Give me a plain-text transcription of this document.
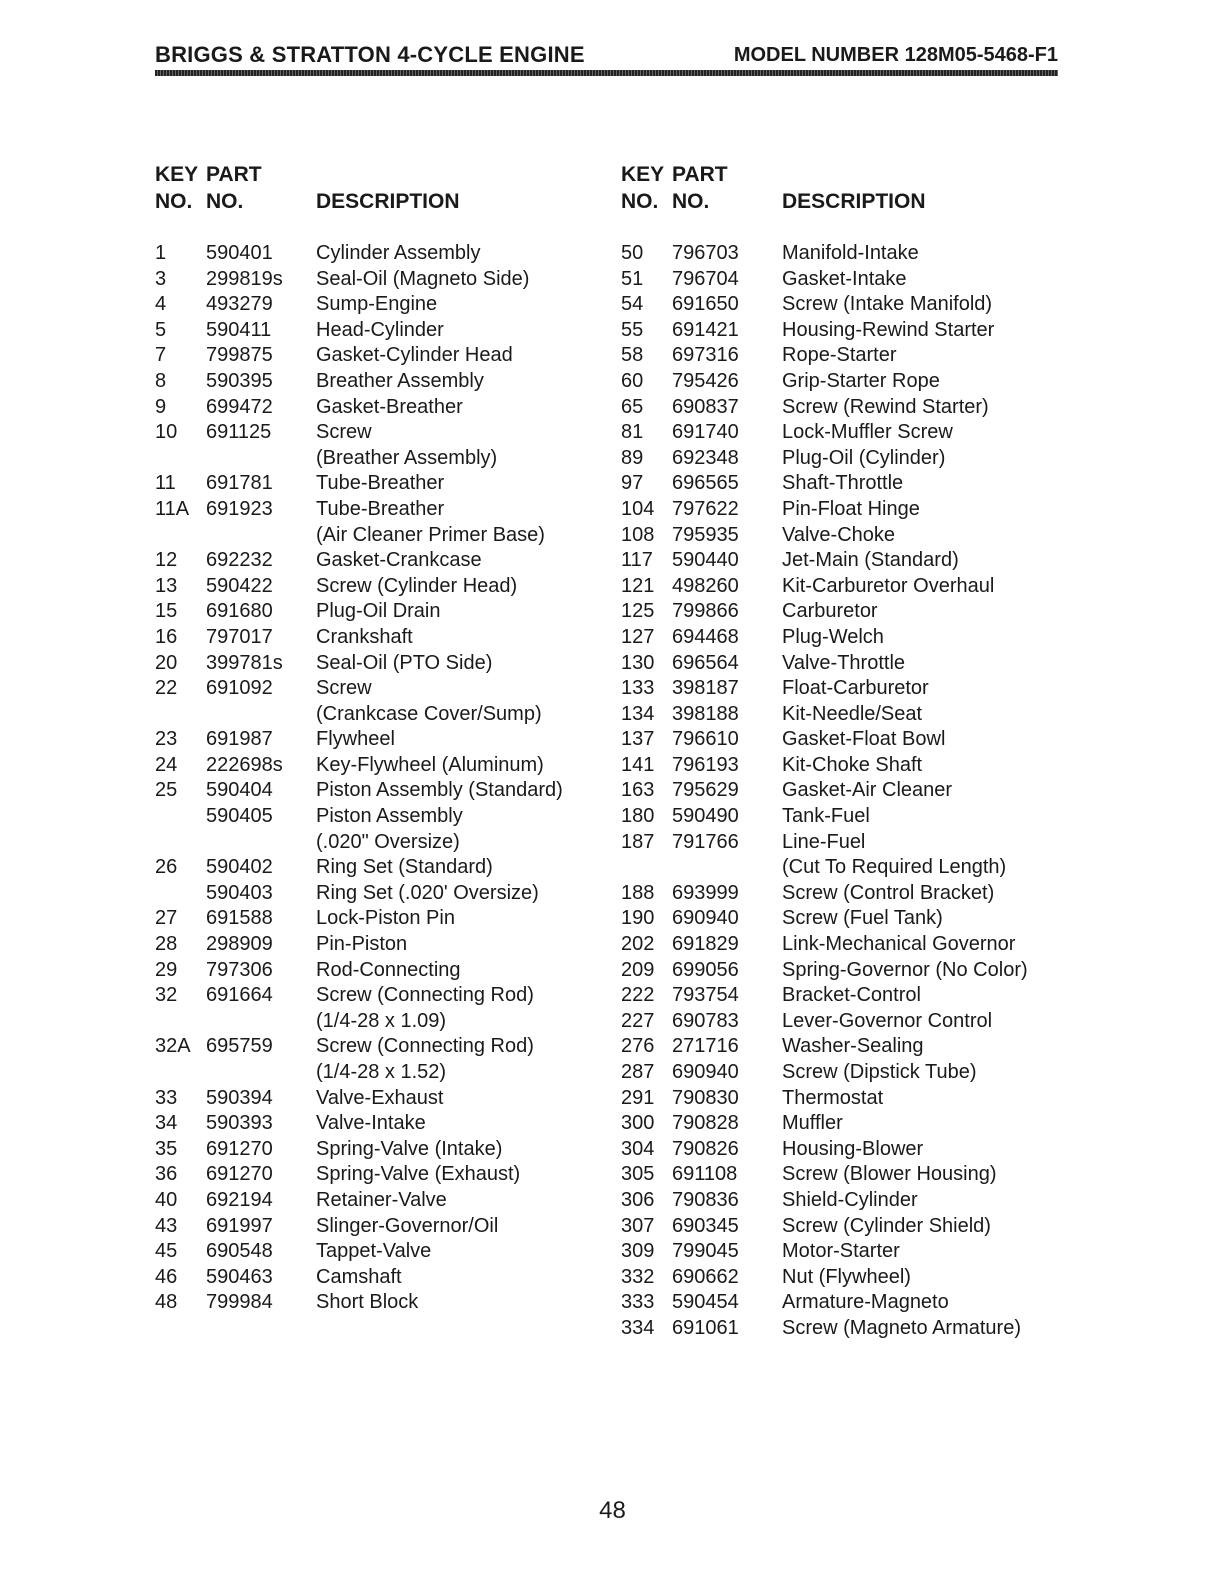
BRIGGS & STRATTON 4-CYCLE ENGINE	MODEL NUMBER 128M05-5468-F1
KEY PART
NO. NO.	DESCRIPTION
1 590401 Cylinder Assembly
3 299819s Seal-Oil (Magneto Side)
4 493279 Sump-Engine
5 590411 Head-Cylinder
7 799875 Gasket-Cylinder Head
8 590395 Breather Assembly
9 699472 Gasket-Breather
10 691125 Screw
(Breather Assembly)
11 691781 Tube-Breather
11A 691923 Tube-Breather
(Air Cleaner Primer Base)
12 692232 Gasket-Crankcase
13 590422 Screw (Cylinder Head)
15 691680 Plug-Oil Drain
16 797017 Crankshaft
20 399781s Seal-Oil (PTO Side)
22 691092 Screw
(Crankcase Cover/Sump)
23 691987 Flywheel
24 222698s Key-Flywheel (Aluminum)
25 590404 Piston Assembly (Standard)
590405 Piston Assembly
(.020" Oversize)
26 590402 Ring Set (Standard)
590403 Ring Set (.020' Oversize)
27 691588 Lock-Piston Pin
28 298909 Pin-Piston
29 797306 Rod-Connecting
32 691664 Screw (Connecting Rod)
(1/4-28 x 1.09)
32A 695759 Screw (Connecting Rod)
(1/4-28 x 1.52)
33 590394 Valve-Exhaust
34 590393 Valve-Intake
35 691270 Spring-Valve (Intake)
36 691270 Spring-Valve (Exhaust)
40 692194 Retainer-Valve
43 691997 Slinger-Governor/Oil
45 690548 Tappet-Valve
46 590463 Camshaft
48 799984 Short Block
KEY PART
NO. NO.	DESCRIPTION
50 796703 Manifold-Intake
51 796704 Gasket-Intake
54 691650 Screw (Intake Manifold)
55 691421 Housing-Rewind Starter
58 697316 Rope-Starter
60 795426 Grip-Starter Rope
65 690837 Screw (Rewind Starter)
81 691740 Lock-Muffler Screw
89 692348 Plug-Oil (Cylinder)
97 696565 Shaft-Throttle
104 797622 Pin-Float Hinge
108 795935 Valve-Choke
117 590440 Jet-Main (Standard)
121 498260 Kit-Carburetor Overhaul
125 799866 Carburetor
127 694468 Plug-Welch
130 696564 Valve-Throttle
133 398187 Float-Carburetor
134 398188 Kit-Needle/Seat
137 796610 Gasket-Float Bowl
141 796193 Kit-Choke Shaft
163 795629 Gasket-Air Cleaner
180 590490 Tank-Fuel
187 791766 Line-Fuel
(Cut To Required Length)
188 693999 Screw (Control Bracket)
190 690940 Screw (Fuel Tank)
202 691829 Link-Mechanical Governor
209 699056 Spring-Governor (No Color)
222 793754 Bracket-Control
227 690783 Lever-Governor Control
276 271716 Washer-Sealing
287 690940 Screw (Dipstick Tube)
291 790830 Thermostat
300 790828 Muffler
304 790826 Housing-Blower
305 691108 Screw (Blower Housing)
306 790836 Shield-Cylinder
307 690345 Screw (Cylinder Shield)
309 799045 Motor-Starter
332 690662 Nut (Flywheel)
333 590454 Armature-Magneto
334 691061 Screw (Magneto Armature)
48
